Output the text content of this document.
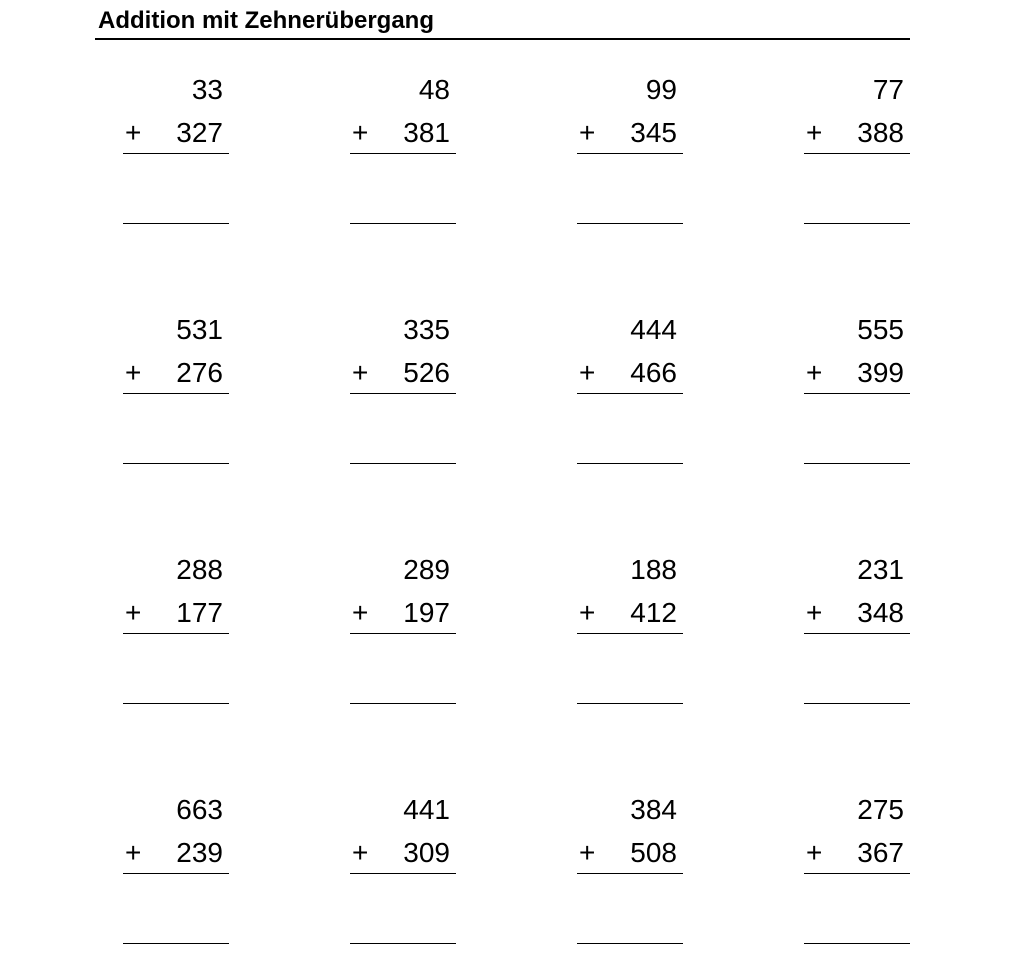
Addition mit Zehnerübergang
33
+ 327
48
+ 381
99
+ 345
77
+ 388
531
+ 276
335
+ 526
444
+ 466
555
+ 399
288
+ 177
289
+ 197
188
+ 412
231
+ 348
663
+ 239
441
+ 309
384
+ 508
275
+ 367
